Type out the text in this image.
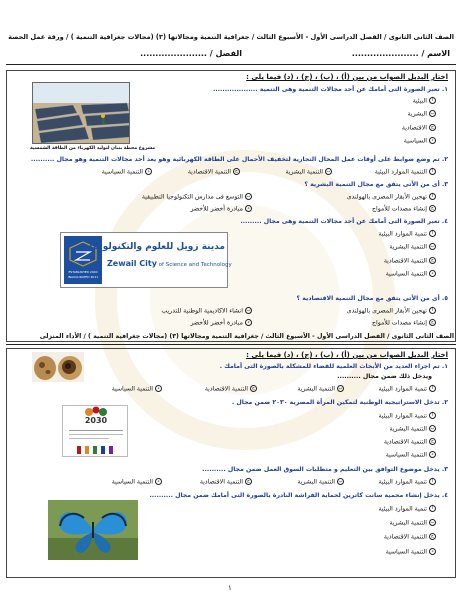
الصف الثانى الثانوى / الفصل الدراسى الأول - الأسبوع الثالث / جغرافية التنمية ومجالاتها (٣) (مجالات جغرافية التنمية ) / ورقة عمل الحصة
الاسم / ......................
الفصل / ......................
اختار البديل الصواب من بين (أ) ، (ب) ، (ج) ، (د) فيما يلى :
١. تعبر الصورة التى أمامك عن أحد مجالات التنمية وهى التنمية ...................
أالبيئية
بالبشرية
جالاقتصادية
دالسياسية
مشروع محطة بنبان لتوليد الكهرباء من الطاقة الشمسية
٢. تم وضع ضوابط على أوقات عمل المحال التجارية لتخفيف الأحمال على الطاقة الكهربائية وهو يعد أحد مجالات التنمية وهو مجال ..........
أالتنمية الموارد البيئية
بالتنمية البشرية
جالتنمية الاقتصادية
دالتنمية السياسية
٣. أى من الأتى يتفق مع مجال التنمية البشرية ؟
أتهجين الأبقار المصرى بالهولندى
بالتوسع فى مدارس التكنولوجيا التطبيقية
جإنشاء مصدات للأمواج
دمبادرة أخضر للأخضر
٤. تعبر الصورة التى أمامك عن أحد مجالات التنمية وهى مجال .........
أتنمية الموارد البيئية
بالتنمية البشرية
جالتنمية الاقتصادية
دالتنمية السياسية
ESTABLISHED 2000
INAUGURATED 2011
مدينة زويل للعلوم والتكنولوجيا
Zewail City of Science and Technology
٥. أى من الأتى يتفق مع مجال التنمية الاقتصادية ؟
أتهجين الأبقار المصرى بالهولندى
بانشاء الاكاديمية الوطنية للتدريب
جإنشاء مصدات للأمواج
دمبادرة أخضر للأخضر
الصف الثانى الثانوى / الفصل الدراسى الأول - الأسبوع الثالث / جغرافية التنمية ومجالاتها (٣) (مجالات جغرافية التنمية ) / الأداء المنزلى
اختار البديل الصواب من بين (أ) ، (ب) ، (ج) ، (د) فيما يلى :
١. تم اجراء العديد من الأبحاث العلمية للقضاء للمشكلة بالصورة التى أمامك .
ويدخل ذلك ضمن مجال ..........
أتنمية الموارد البيئية
بالتنمية البشرية
جالتنمية الاقتصادية
دالتنمية السياسية
٢. تدخل الاستراتيجية الوطنية لتمكين المرأة المصرية ٢٠٣٠ ضمن مجال .
أتنمية الموارد البيئية
بالتنمية البشرية
جالتنمية الاقتصادية
دالتنمية السياسية
2030
٣. يدخل موضوع التوافق بين التعليم و متطلبات السوق العمل ضمن مجال ..........
أتنمية الموارد البيئية
بالتنمية البشرية
جالتنمية الاقتصادية
دالتنمية السياسية
٤. يدخل إنشاء محمية سانت كاترين لحماية الفراشة النادرة بالصورة التى أمامك ضمن مجال ..........
أتنمية الموارد البيئية
بالتنمية البشرية
جالتنمية الاقتصادية
دالتنمية السياسية
١
